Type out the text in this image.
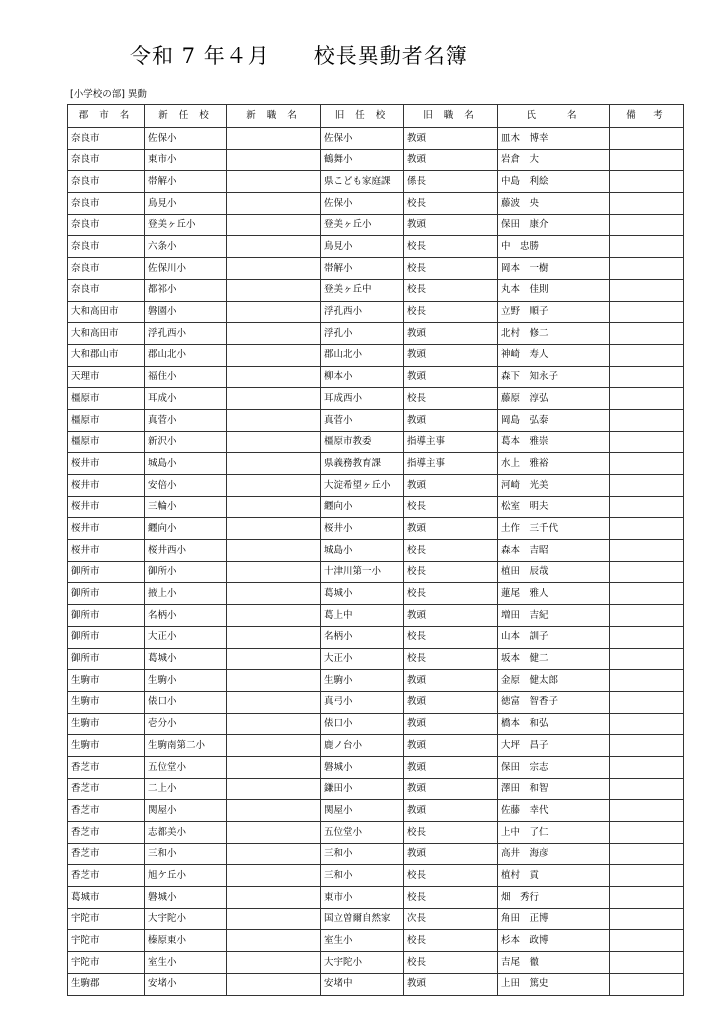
令和 7 年４月　　校長異動者名簿
[小学校の部] 異動
郡 市 名	新 任 校	新 職 名	旧 任 校	旧 職 名	氏　　名	備　考
奈良市	佐保小		佐保小	教頭	皿木　博幸	
奈良市	東市小		鶴舞小	教頭	岩倉　大	
奈良市	帯解小		県こども家庭課	係長	中島　利絵	
奈良市	鳥見小		佐保小	校長	藤波　央	
奈良市	登美ヶ丘小		登美ヶ丘小	教頭	保田　康介	
奈良市	六条小		鳥見小	校長	中　忠勝	
奈良市	佐保川小		帯解小	校長	岡本　一樹	
奈良市	都祁小		登美ヶ丘中	校長	丸本　佳則	
大和高田市	磐園小		浮孔西小	校長	立野　順子	
大和高田市	浮孔西小		浮孔小	教頭	北村　修二	
大和郡山市	郡山北小		郡山北小	教頭	神崎　寿人	
天理市	福住小		柳本小	教頭	森下　知永子	
橿原市	耳成小		耳成西小	校長	藤原　淳弘	
橿原市	真菅小		真菅小	教頭	岡島　弘泰	
橿原市	新沢小		橿原市教委	指導主事	葛本　雅崇	
桜井市	城島小		県義務教育課	指導主事	水上　雅裕	
桜井市	安倍小		大淀希望ヶ丘小	教頭	河崎　光美	
桜井市	三輪小		纒向小	校長	松室　明夫	
桜井市	纒向小		桜井小	教頭	土作　三千代	
桜井市	桜井西小		城島小	校長	森本　吉昭	
御所市	御所小		十津川第一小	校長	植田　辰哉	
御所市	掖上小		葛城小	校長	蓮尾　雅人	
御所市	名柄小		葛上中	教頭	増田　吉紀	
御所市	大正小		名柄小	校長	山本　訓子	
御所市	葛城小		大正小	校長	坂本　健二	
生駒市	生駒小		生駒小	教頭	金原　健太郎	
生駒市	俵口小		真弓小	教頭	徳富　智香子	
生駒市	壱分小		俵口小	教頭	橋本　和弘	
生駒市	生駒南第二小		鹿ノ台小	教頭	大坪　昌子	
香芝市	五位堂小		磐城小	教頭	保田　宗志	
香芝市	二上小		鎌田小	教頭	澤田　和智	
香芝市	関屋小		関屋小	教頭	佐藤　幸代	
香芝市	志都美小		五位堂小	校長	上中　了仁	
香芝市	三和小		三和小	教頭	高井　海彦	
香芝市	旭ケ丘小		三和小	校長	植村　貢	
葛城市	磐城小		東市小	校長	畑　秀行	
宇陀市	大宇陀小		国立曽爾自然家	次長	角田　正博	
宇陀市	榛原東小		室生小	校長	杉本　政博	
宇陀市	室生小		大宇陀小	校長	吉尾　徹	
生駒郡	安堵小		安堵中	教頭	上田　篤史	
